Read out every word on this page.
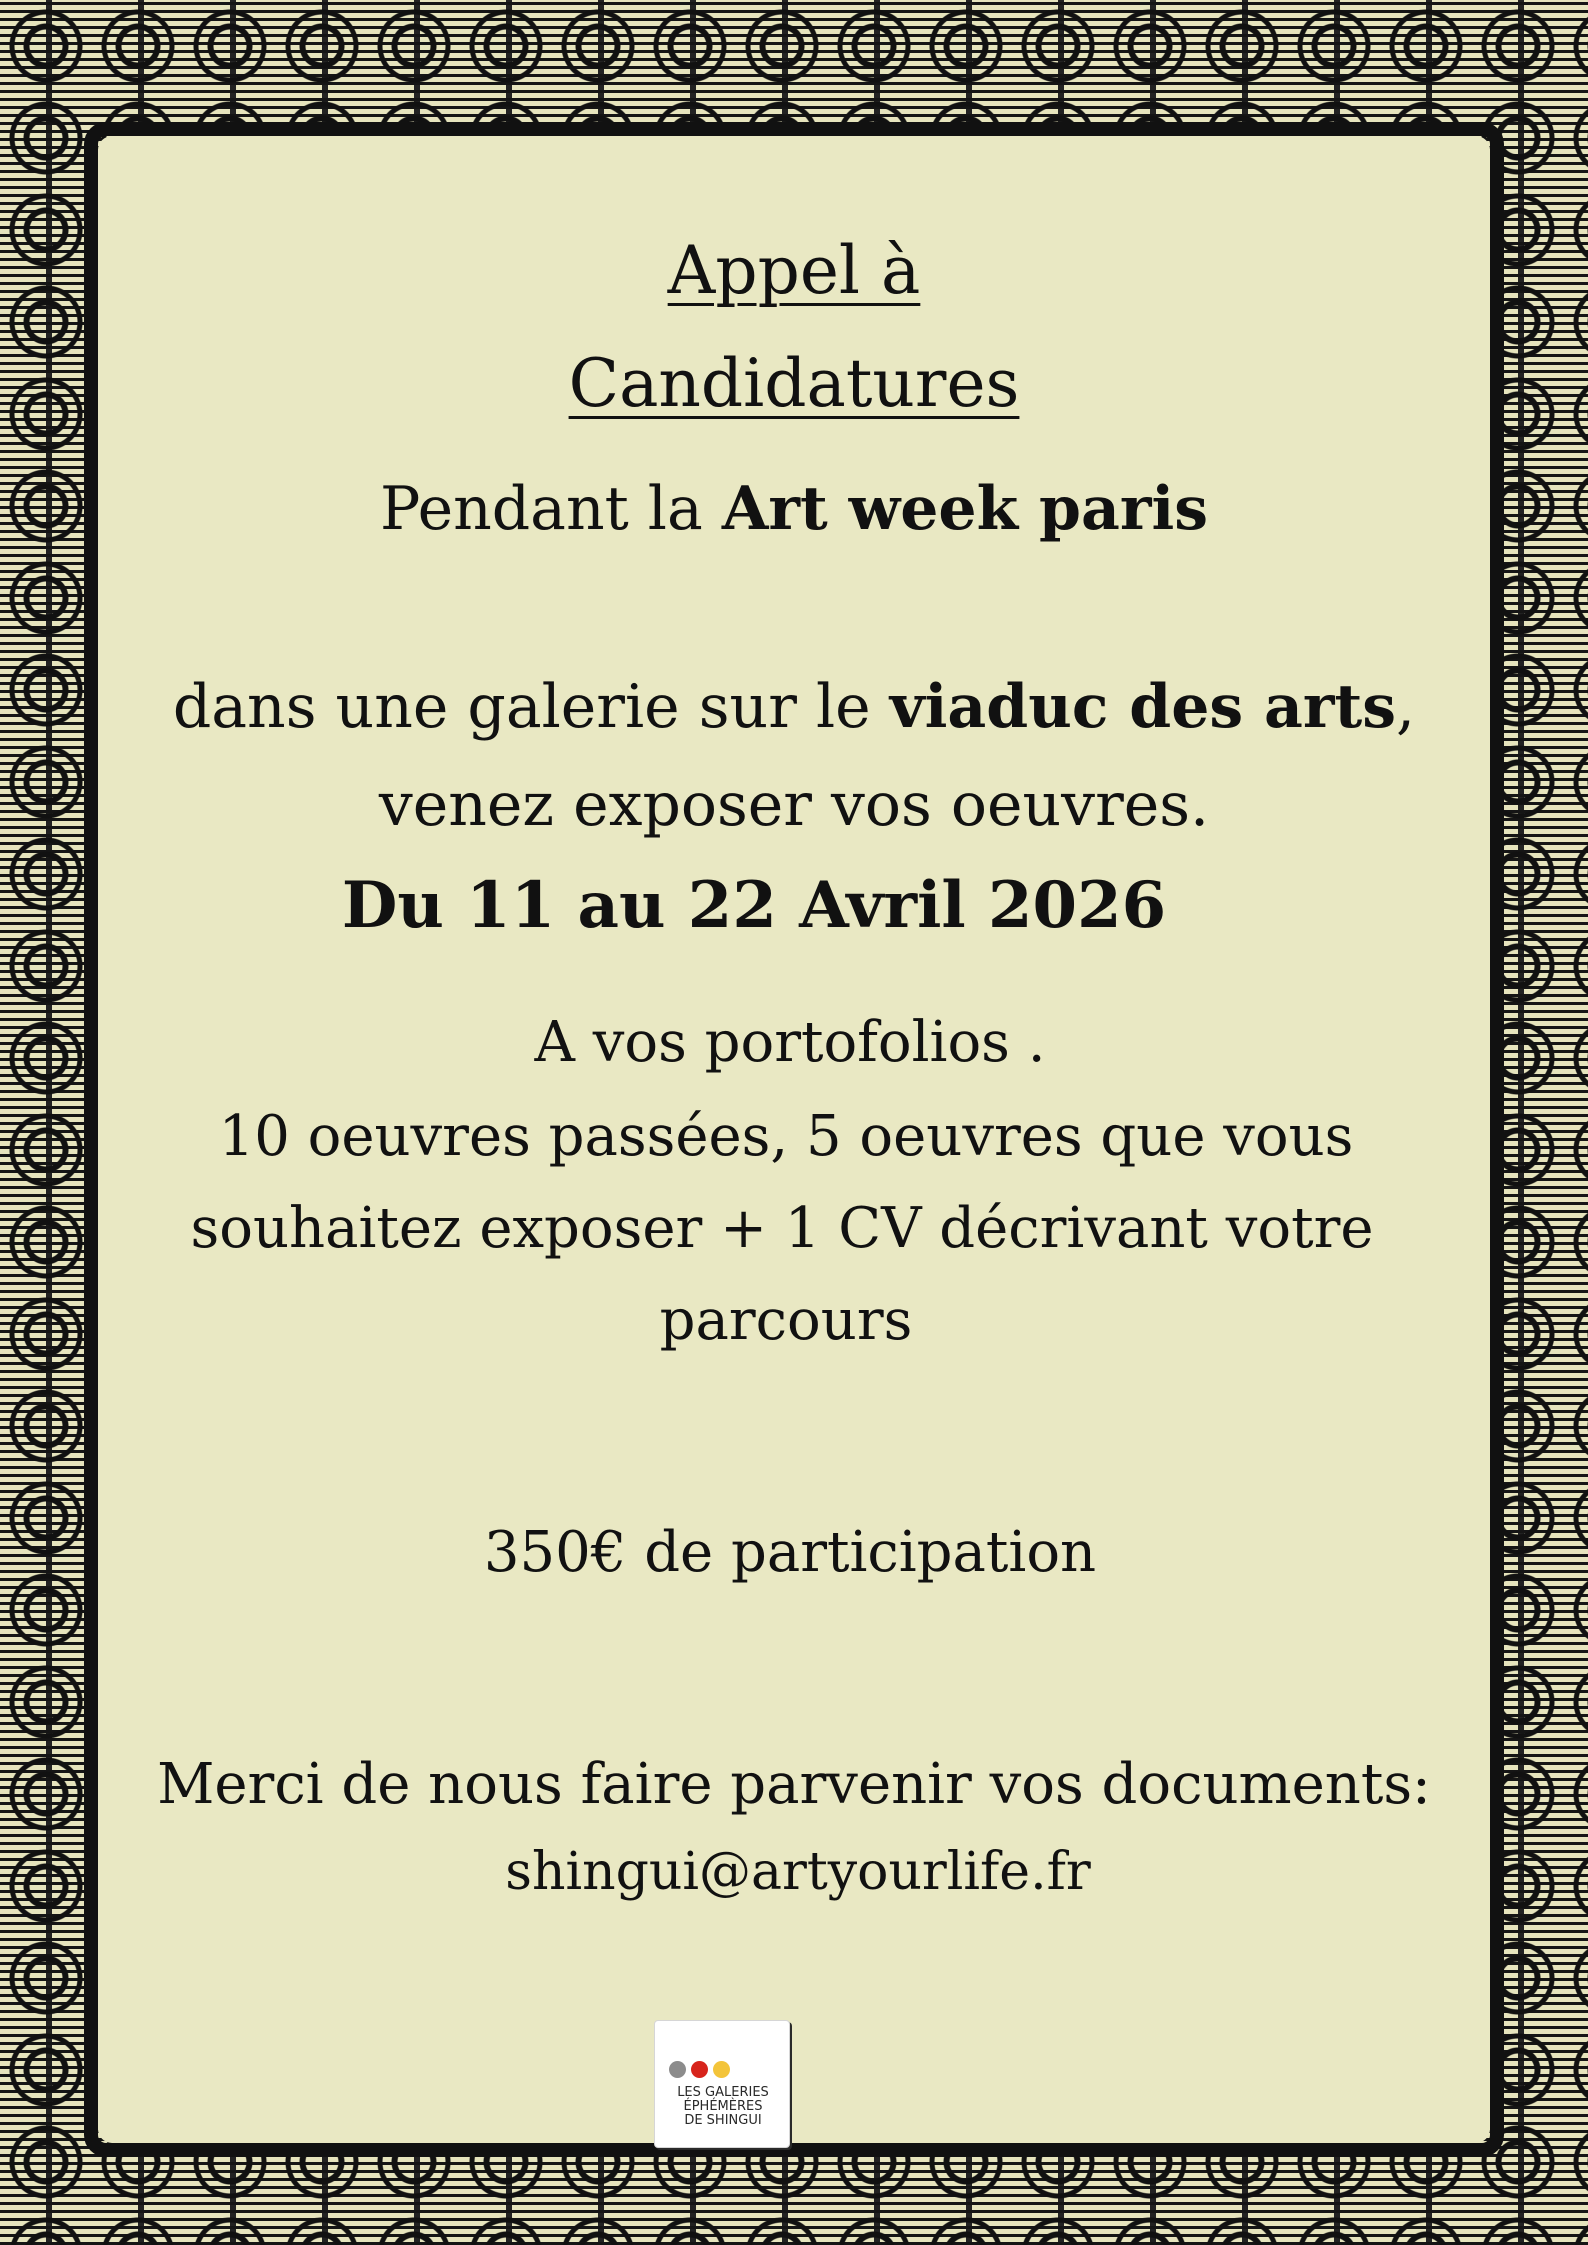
Appel à

Candidatures

Pendant la Art week paris

dans une galerie sur le viaduc des arts,

venez exposer vos oeuvres.

Du 11 au 22 Avril 2026

A vos portofolios .

10 oeuvres passées, 5 oeuvres que vous

souhaitez exposer + 1 CV décrivant votre

parcours

350€ de participation

Merci de nous faire parvenir vos documents:

shingui@artyourlife.fr

LES GALERIES
ÉPHÉMÈRES
DE SHINGUI
